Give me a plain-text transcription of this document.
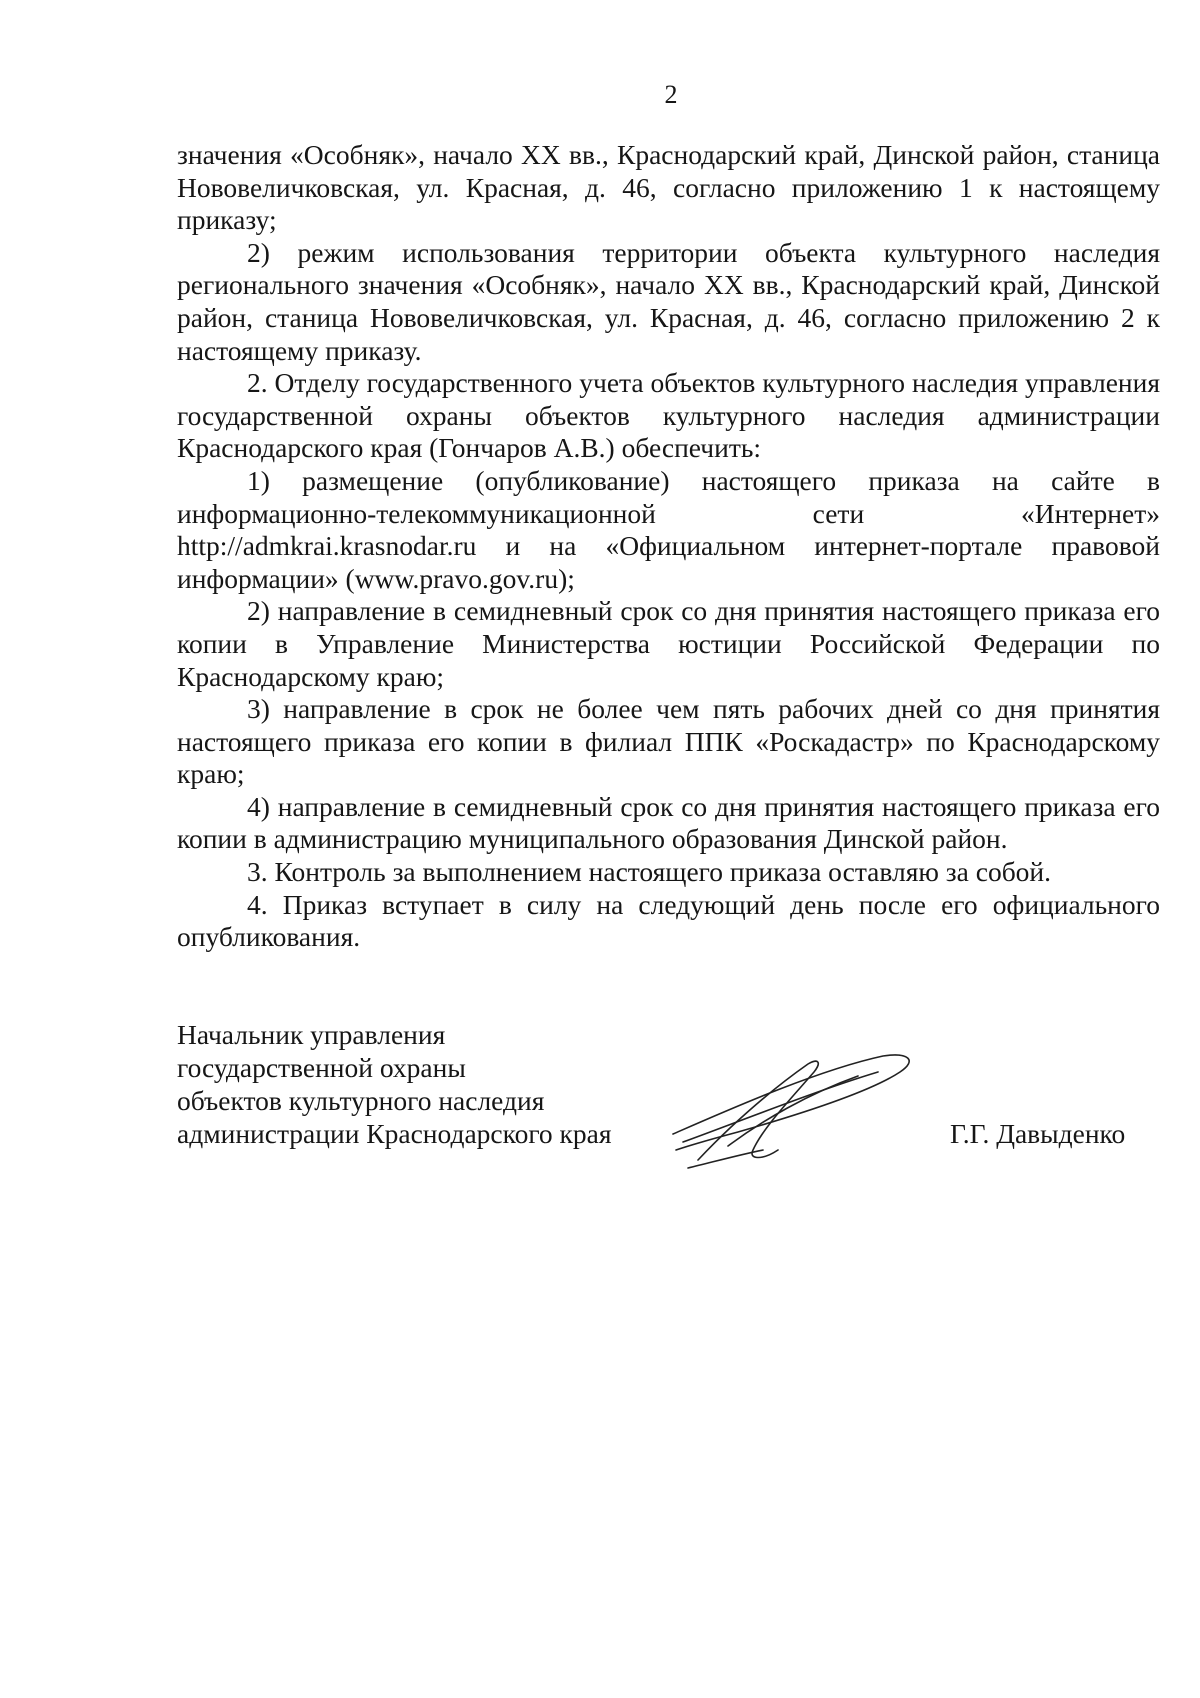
2

значения «Особняк», начало XX вв., Краснодарский край, Динской район, станица Нововеличковская, ул. Красная, д. 46, согласно приложению 1 к настоящему приказу;

2) режим использования территории объекта культурного наследия регионального значения «Особняк», начало XX вв., Краснодарский край, Динской район, станица Нововеличковская, ул. Красная, д. 46, согласно приложению 2 к настоящему приказу.

2. Отделу государственного учета объектов культурного наследия управления государственной охраны объектов культурного наследия администрации Краснодарского края (Гончаров А.В.) обеспечить:

1) размещение (опубликование) настоящего приказа на сайте в информационно-телекоммуникационной сети «Интернет» http://admkrai.krasnodar.ru и на «Официальном интернет-портале правовой информации» (www.pravo.gov.ru);

2) направление в семидневный срок со дня принятия настоящего приказа его копии в Управление Министерства юстиции Российской Федерации по Краснодарскому краю;

3) направление в срок не более чем пять рабочих дней со дня принятия настоящего приказа его копии в филиал ППК «Роскадастр» по Краснодарскому краю;

4) направление в семидневный срок со дня принятия настоящего приказа его копии в администрацию муниципального образования Динской район.

3. Контроль за выполнением настоящего приказа оставляю за собой.

4. Приказ вступает в силу на следующий день после его официального опубликования.

Начальник управления
государственной охраны
объектов культурного наследия
администрации Краснодарского края	Г.Г. Давыденко
